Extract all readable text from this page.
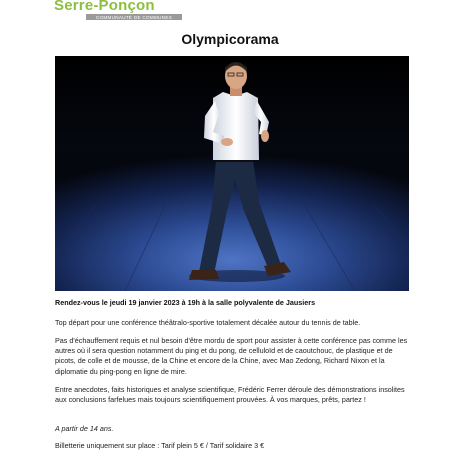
Serre-Ponçon
COMMUNAUTÉ DE COMMUNES
Olympicorama
Rendez-vous le jeudi 19 janvier 2023 à 19h à la salle polyvalente de Jausiers
Top départ pour une conférence théâtralo-sportive totalement décalée autour du tennis de table.
Pas d'échauffement requis et nul besoin d'être mordu de sport pour assister à cette conférence pas comme les autres où il sera question notamment du ping et du pong, de celluloïd et de caoutchouc, de plastique et de picots, de colle et de mousse, de la Chine et encore de la Chine, avec Mao Zedong, Richard Nixon et la diplomatie du ping-pong en ligne de mire.
Entre anecdotes, faits historiques et analyse scientifique, Frédéric Ferrer déroule des démonstrations insolites aux conclusions farfelues mais toujours scientifiquement prouvées. À vos marques, prêts, partez !
A partir de 14 ans.
Billetterie uniquement sur place : Tarif plein 5 € / Tarif solidaire 3 €
